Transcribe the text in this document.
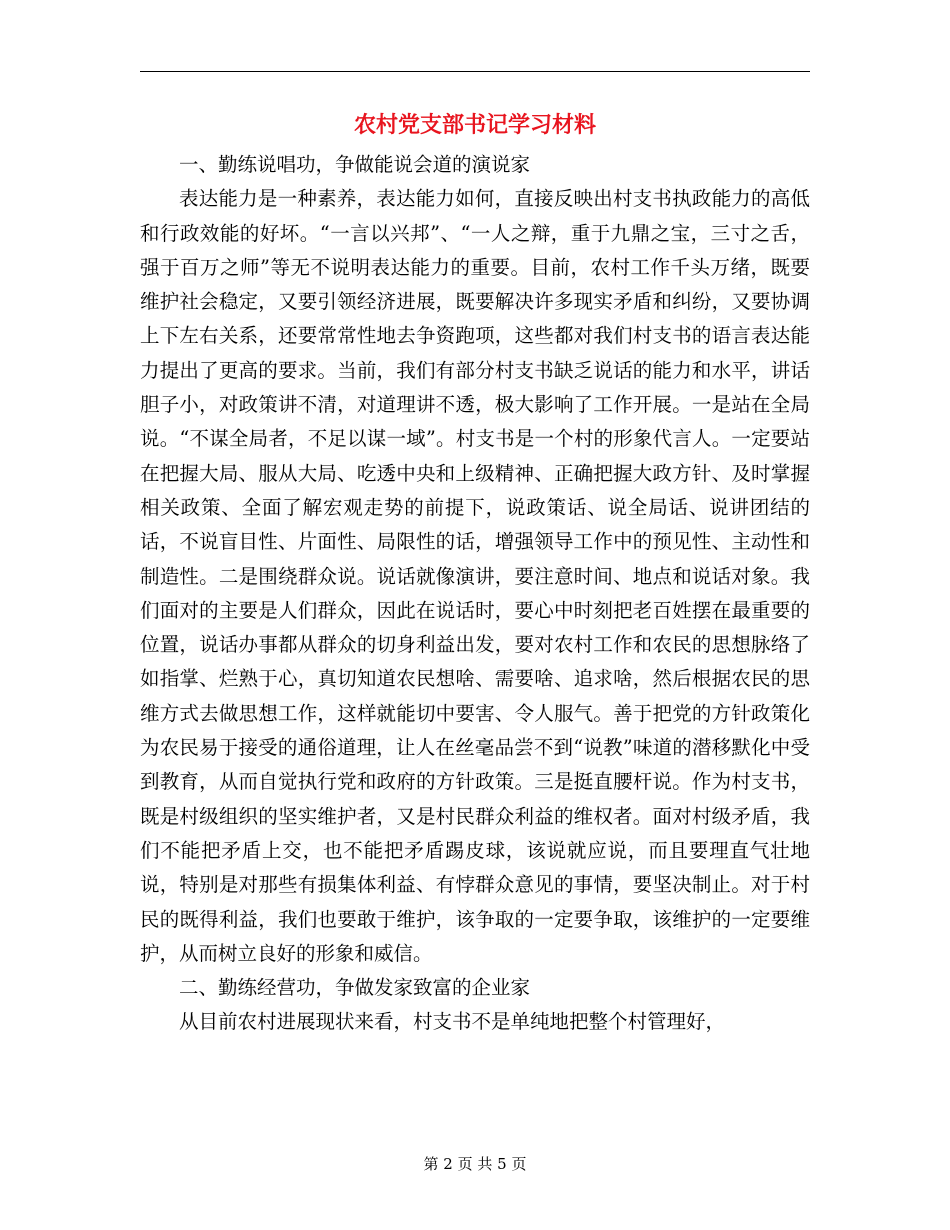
农村党支部书记学习材料

一、勤练说唱功，争做能说会道的演说家

表达能力是一种素养，表达能力如何，直接反映出村支书执政能力的高低和行政效能的好坏。“一言以兴邦”、“一人之辩，重于九鼎之宝，三寸之舌，强于百万之师”等无不说明表达能力的重要。目前，农村工作千头万绪，既要维护社会稳定，又要引领经济进展，既要解决许多现实矛盾和纠纷，又要协调上下左右关系，还要常常性地去争资跑项，这些都对我们村支书的语言表达能力提出了更高的要求。当前，我们有部分村支书缺乏说话的能力和水平，讲话胆子小，对政策讲不清，对道理讲不透，极大影响了工作开展。一是站在全局说。“不谋全局者，不足以谋一域”。村支书是一个村的形象代言人。一定要站在把握大局、服从大局、吃透中央和上级精神、正确把握大政方针、及时掌握相关政策、全面了解宏观走势的前提下，说政策话、说全局话、说讲团结的话，不说盲目性、片面性、局限性的话，增强领导工作中的预见性、主动性和制造性。二是围绕群众说。说话就像演讲，要注意时间、地点和说话对象。我们面对的主要是人们群众，因此在说话时，要心中时刻把老百姓摆在最重要的位置，说话办事都从群众的切身利益出发，要对农村工作和农民的思想脉络了如指掌、烂熟于心，真切知道农民想啥、需要啥、追求啥，然后根据农民的思维方式去做思想工作，这样就能切中要害、令人服气。善于把党的方针政策化为农民易于接受的通俗道理，让人在丝毫品尝不到“说教”味道的潜移默化中受到教育，从而自觉执行党和政府的方针政策。三是挺直腰杆说。作为村支书，既是村级组织的坚实维护者，又是村民群众利益的维权者。面对村级矛盾，我们不能把矛盾上交，也不能把矛盾踢皮球，该说就应说，而且要理直气壮地说，特别是对那些有损集体利益、有悖群众意见的事情，要坚决制止。对于村民的既得利益，我们也要敢于维护，该争取的一定要争取，该维护的一定要维护，从而树立良好的形象和威信。

二、勤练经营功，争做发家致富的企业家

从目前农村进展现状来看，村支书不是单纯地把整个村管理好，

第 2 页 共 5 页
